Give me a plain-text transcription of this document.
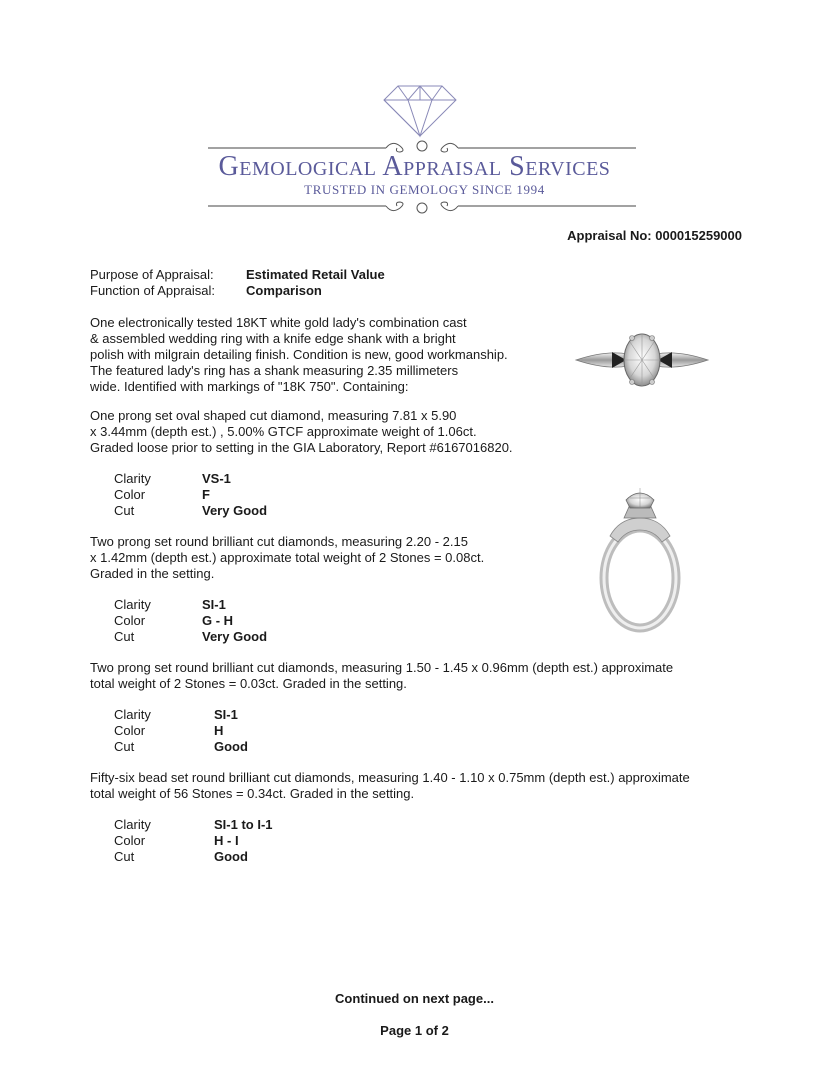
Gemological Appraisal Services
TRUSTED IN GEMOLOGY SINCE 1994
Appraisal No: 000015259000
Purpose of Appraisal: Estimated Retail Value
Function of Appraisal: Comparison
One electronically tested 18KT white gold lady's combination cast
& assembled wedding ring with a knife edge shank with a bright
polish with milgrain detailing finish. Condition is new, good workmanship.
The featured lady's ring has a shank measuring 2.35 millimeters
wide. Identified with markings of "18K 750". Containing:
One prong set oval shaped cut diamond, measuring 7.81 x 5.90
x 3.44mm (depth est.) , 5.00% GTCF approximate weight of 1.06ct.
Graded loose prior to setting in the GIA Laboratory, Report #6167016820.
Clarity	VS-1
Color	F
Cut	Very Good
Two prong set round brilliant cut diamonds, measuring 2.20 - 2.15
x 1.42mm (depth est.) approximate total weight of 2 Stones = 0.08ct.
Graded in the setting.
Clarity	SI-1
Color	G - H
Cut	Very Good
Two prong set round brilliant cut diamonds, measuring 1.50 - 1.45 x 0.96mm (depth est.) approximate
total weight of 2 Stones = 0.03ct. Graded in the setting.
Clarity	SI-1
Color	H
Cut	Good
Fifty-six bead set round brilliant cut diamonds, measuring 1.40 - 1.10 x 0.75mm (depth est.) approximate
total weight of 56 Stones = 0.34ct. Graded in the setting.
Clarity	SI-1 to I-1
Color	H - I
Cut	Good
Continued on next page...
Page 1 of 2
